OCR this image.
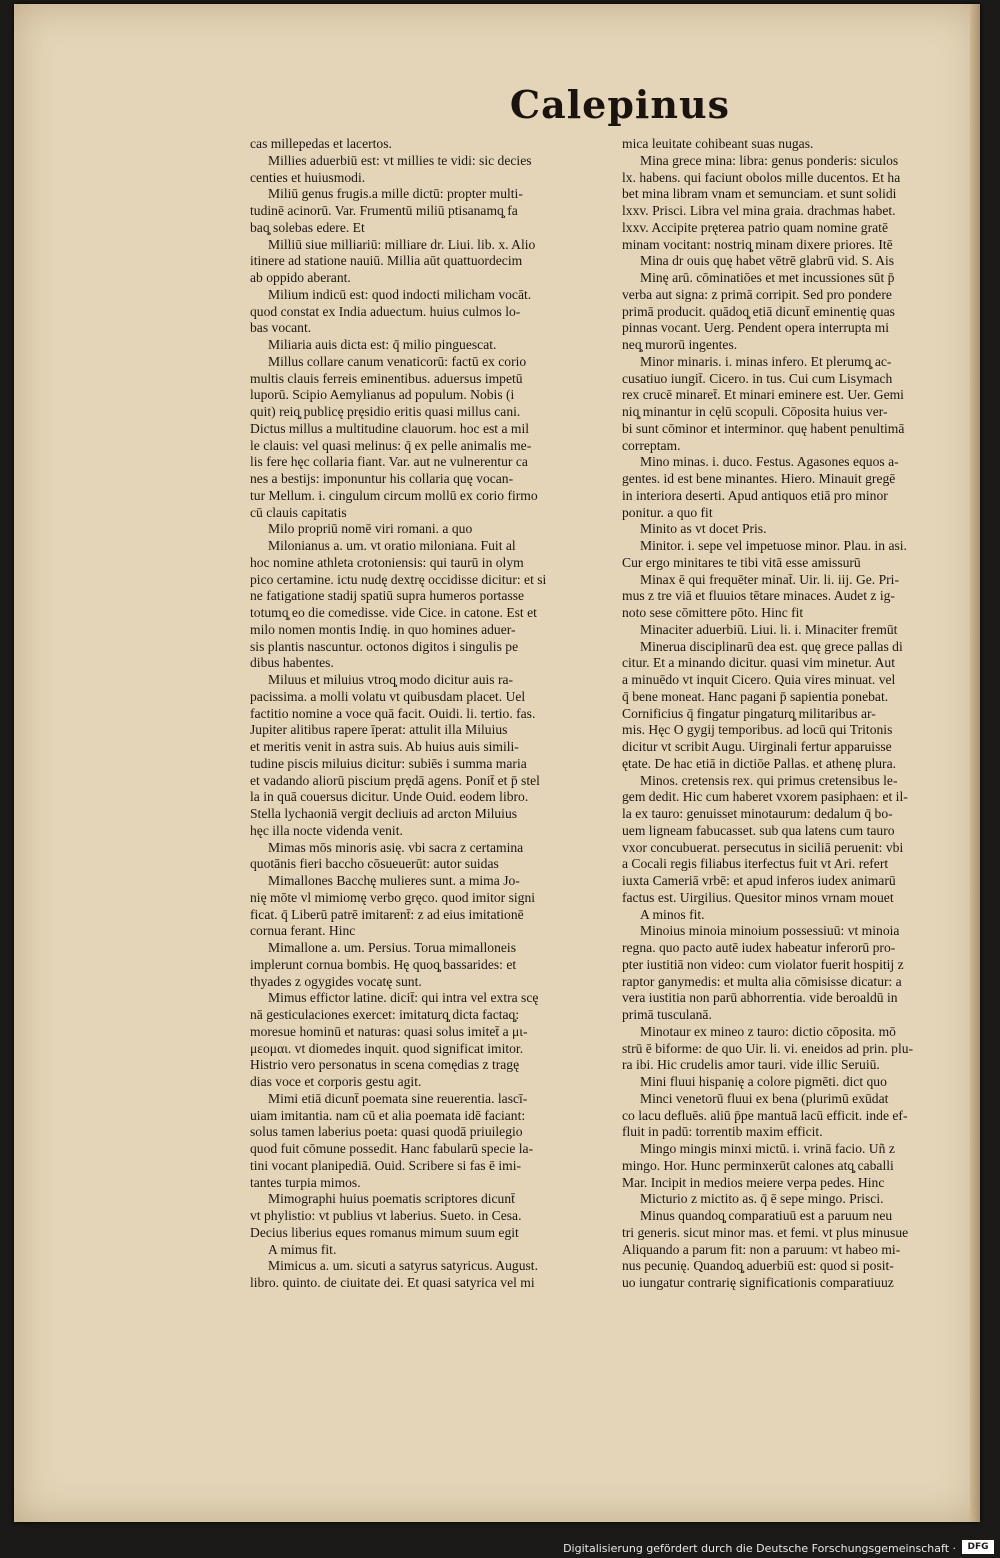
Calepinus
cas millepedas et lacertos.
Millies aduerbiū est: vt millies te vidi: sic decies
centies et huiusmodi.
Miliū genus frugis.a mille dictū: propter multi-
tudinē acinorū. Var. Frumentū miliū ptisanamq̧ fa
baq̧ solebas edere. Et
Milliū siue milliariū: milliare dr. Liui. lib. x. Alio
itinere ad statione nauiū. Millia aūt quattuordecim
ab oppido aberant.
Milium indicū est: quod indocti milicham vocāt.
quod constat ex India aduectum. huius culmos lo-
bas vocant.
Miliaria auis dicta est: q̄ milio pinguescat.
Millus collare canum venaticorū: factū ex corio
multis clauis ferreis eminentibus. aduersus impetū
luporū. Scipio Aemylianus ad populum. Nobis (i
quit) reiq̧ publicę pręsidio eritis quasi millus cani.
Dictus millus a multitudine clauorum. hoc est a mil
le clauis: vel quasi melinus: q̄ ex pelle animalis me-
lis fere hęc collaria fiant. Var. aut ne vulnerentur ca
nes a bestijs: imponuntur his collaria quę vocan-
tur Mellum. i. cingulum circum mollū ex corio firmo
cū clauis capitatis
Milo propriū nomē viri romani. a quo
Milonianus a. um. vt oratio miloniana. Fuit al
hoc nomine athleta crotoniensis: qui taurū in olym
pico certamine. ictu nudę dextrę occidisse dicitur: et si
ne fatigatione stadij spatiū supra humeros portasse
totumq̧ eo die comedisse. vide Cice. in catone. Est et
milo nomen montis Indię. in quo homines aduer-
sis plantis nascuntur. octonos digitos i singulis pe
dibus habentes.
Miluus et miluius vtroq̧ modo dicitur auis ra-
pacissima. a molli volatu vt quibusdam placet. Uel
factitio nomine a voce quā facit. Ouidi. li. tertio. fas.
Jupiter alitibus rapere īperat: attulit illa Miluius
et meritis venit in astra suis. Ab huius auis simili-
tudine piscis miluius dicitur: subiēs i summa maria
et vadando aliorū piscium prędā agens. Ponit̄ et p̄ stel
la in quā couersus dicitur. Unde Ouid. eodem libro.
Stella lychaoniā vergit decliuis ad arcton Miluius
hęc illa nocte videnda venit.
Mimas mōs minoris asię. vbi sacra z certamina
quotānis fieri baccho cōsueuerūt: autor suidas
Mimallones Bacchę mulieres sunt. a mima Jo-
nię mōte vl mimiomę verbo gręco. quod imitor signi
ficat. q̄ Liberū patrē imitarent̄: z ad eius imitationē
cornua ferant. Hinc
Mimallone a. um. Persius. Torua mimalloneis
implerunt cornua bombis. Hę quoq̧ bassarides: et
thyades z ogygides vocatę sunt.
Mimus effictor latine. dicit̄: qui intra vel extra scę
nā gesticulaciones exercet: imitaturq̧ dicta factaq̧:
moresue hominū et naturas: quasi solus imitet̄ a μι-
μεομαι. vt diomedes inquit. quod significat imitor.
Histrio vero personatus in scena comędias z tragę
dias voce et corporis gestu agit.
Mimi etiā dicunt̄ poemata sine reuerentia. lascī-
uiam imitantia. nam cū et alia poemata idē faciant:
solus tamen laberius poeta: quasi quodā priuilegio
quod fuit cōmune possedit. Hanc fabularū specie la-
tini vocant planipediā. Ouid. Scribere si fas ē imi-
tantes turpia mimos.
Mimographi huius poematis scriptores dicunt̄
vt phylistio: vt publius vt laberius. Sueto. in Cesa.
Decius liberius eques romanus mimum suum egit
A mimus fit.
Mimicus a. um. sicuti a satyrus satyricus. August.
libro. quinto. de ciuitate dei. Et quasi satyrica vel mi
mica leuitate cohibeant suas nugas.
Mina grece mina: libra: genus ponderis: siculos
lx. habens. qui faciunt obolos mille ducentos. Et ha
bet mina libram vnam et semunciam. et sunt solidi
lxxv. Prisci. Libra vel mina graia. drachmas habet.
lxxv. Accipite pręterea patrio quam nomine gratē
minam vocitant: nostriq̧ minam dixere priores. Itē
Mina dr ouis quę habet vētrē glabrū vid. S. Ais
Minę arū. cōminatiōes et met incussiones sūt p̄
verba aut signa: z primā corripit. Sed pro pondere
primā producit. quādoq̧ etiā dicunt̄ eminentię quas
pinnas vocant. Uerg. Pendent opera interrupta mi
neq̧ murorū ingentes.
Minor minaris. i. minas infero. Et plerumq̧ ac-
cusatiuo iungit̄. Cicero. in tus. Cui cum Lisymach
rex crucē minaret̄. Et minari eminere est. Uer. Gemi
niq̧ minantur in cęlū scopuli. Cōposita huius ver-
bi sunt cōminor et interminor. quę habent penultimā
correptam.
Mino minas. i. duco. Festus. Agasones equos a-
gentes. id est bene minantes. Hiero. Minauit gregē
in interiora deserti. Apud antiquos etiā pro minor
ponitur. a quo fit
Minito as vt docet Pris.
Minitor. i. sepe vel impetuose minor. Plau. in asi.
Cur ergo minitares te tibi vitā esse amissurū
Minax ē qui frequēter minat̄. Uir. li. iij. Ge. Pri-
mus z tre viā et fluuios tētare minaces. Audet z ig-
noto sese cōmittere pōto. Hinc fit
Minaciter aduerbiū. Liui. li. i. Minaciter fremūt
Minerua disciplinarū dea est. quę grece pallas di
citur. Et a minando dicitur. quasi vim minetur. Aut
a minuēdo vt inquit Cicero. Quia vires minuat. vel
q̄ bene moneat. Hanc pagani p̄ sapientia ponebat.
Cornificius q̄ fingatur pingaturq̧ militaribus ar-
mis. Hęc O gygij temporibus. ad locū qui Tritonis
dicitur vt scribit Augu. Uirginali fertur apparuisse
ętate. De hac etiā in dictiōe Pallas. et athenę plura.
Minos. cretensis rex. qui primus cretensibus le-
gem dedit. Hic cum haberet vxorem pasiphaen: et il-
la ex tauro: genuisset minotaurum: dedalum q̄ bo-
uem ligneam fabucasset. sub qua latens cum tauro
vxor concubuerat. persecutus in siciliā peruenit: vbi
a Cocali regis filiabus iterfectus fuit vt Ari. refert
iuxta Cameriā vrbē: et apud inferos iudex animarū
factus est. Uirgilius. Quesitor minos vrnam mouet
A minos fit.
Minoius minoia minoium possessiuū: vt minoia
regna. quo pacto autē iudex habeatur inferorū pro-
pter iustitiā non video: cum violator fuerit hospitij z
raptor ganymedis: et multa alia cōmisisse dicatur: a
vera iustitia non parū abhorrentia. vide beroaldū in
primā tusculanā.
Minotaur ex mineo z tauro: dictio cōposita. mō
strū ē biforme: de quo Uir. li. vi. eneidos ad prin. plu-
ra ibi. Hic crudelis amor tauri. vide illic Seruiū.
Mini fluui hispanię a colore pigmēti. dict quo
Minci venetorū fluui ex bena (plurimū exūdat
co lacu defluēs. aliū p̄pe mantuā lacū efficit. inde ef-
fluit in padū: torrentib maxim efficit.
Mingo mingis minxi mictū. i. vrinā facio. Uñ z
mingo. Hor. Hunc perminxerūt calones atq̧ caballi
Mar. Incipit in medios meiere verpa pedes. Hinc
Micturio z mictito as. q̄ ē sepe mingo. Prisci.
Minus quandoq̧ comparatiuū est a paruum neu
tri generis. sicut minor mas. et femi. vt plus minusue
Aliquando a parum fit: non a paruum: vt habeo mi-
nus pecunię. Quandoq̧ aduerbiū est: quod si posit-
uo iungatur contrarię significationis comparatiuuz
Digitalisierung gefördert durch die Deutsche Forschungsgemeinschaft ·	DFG
